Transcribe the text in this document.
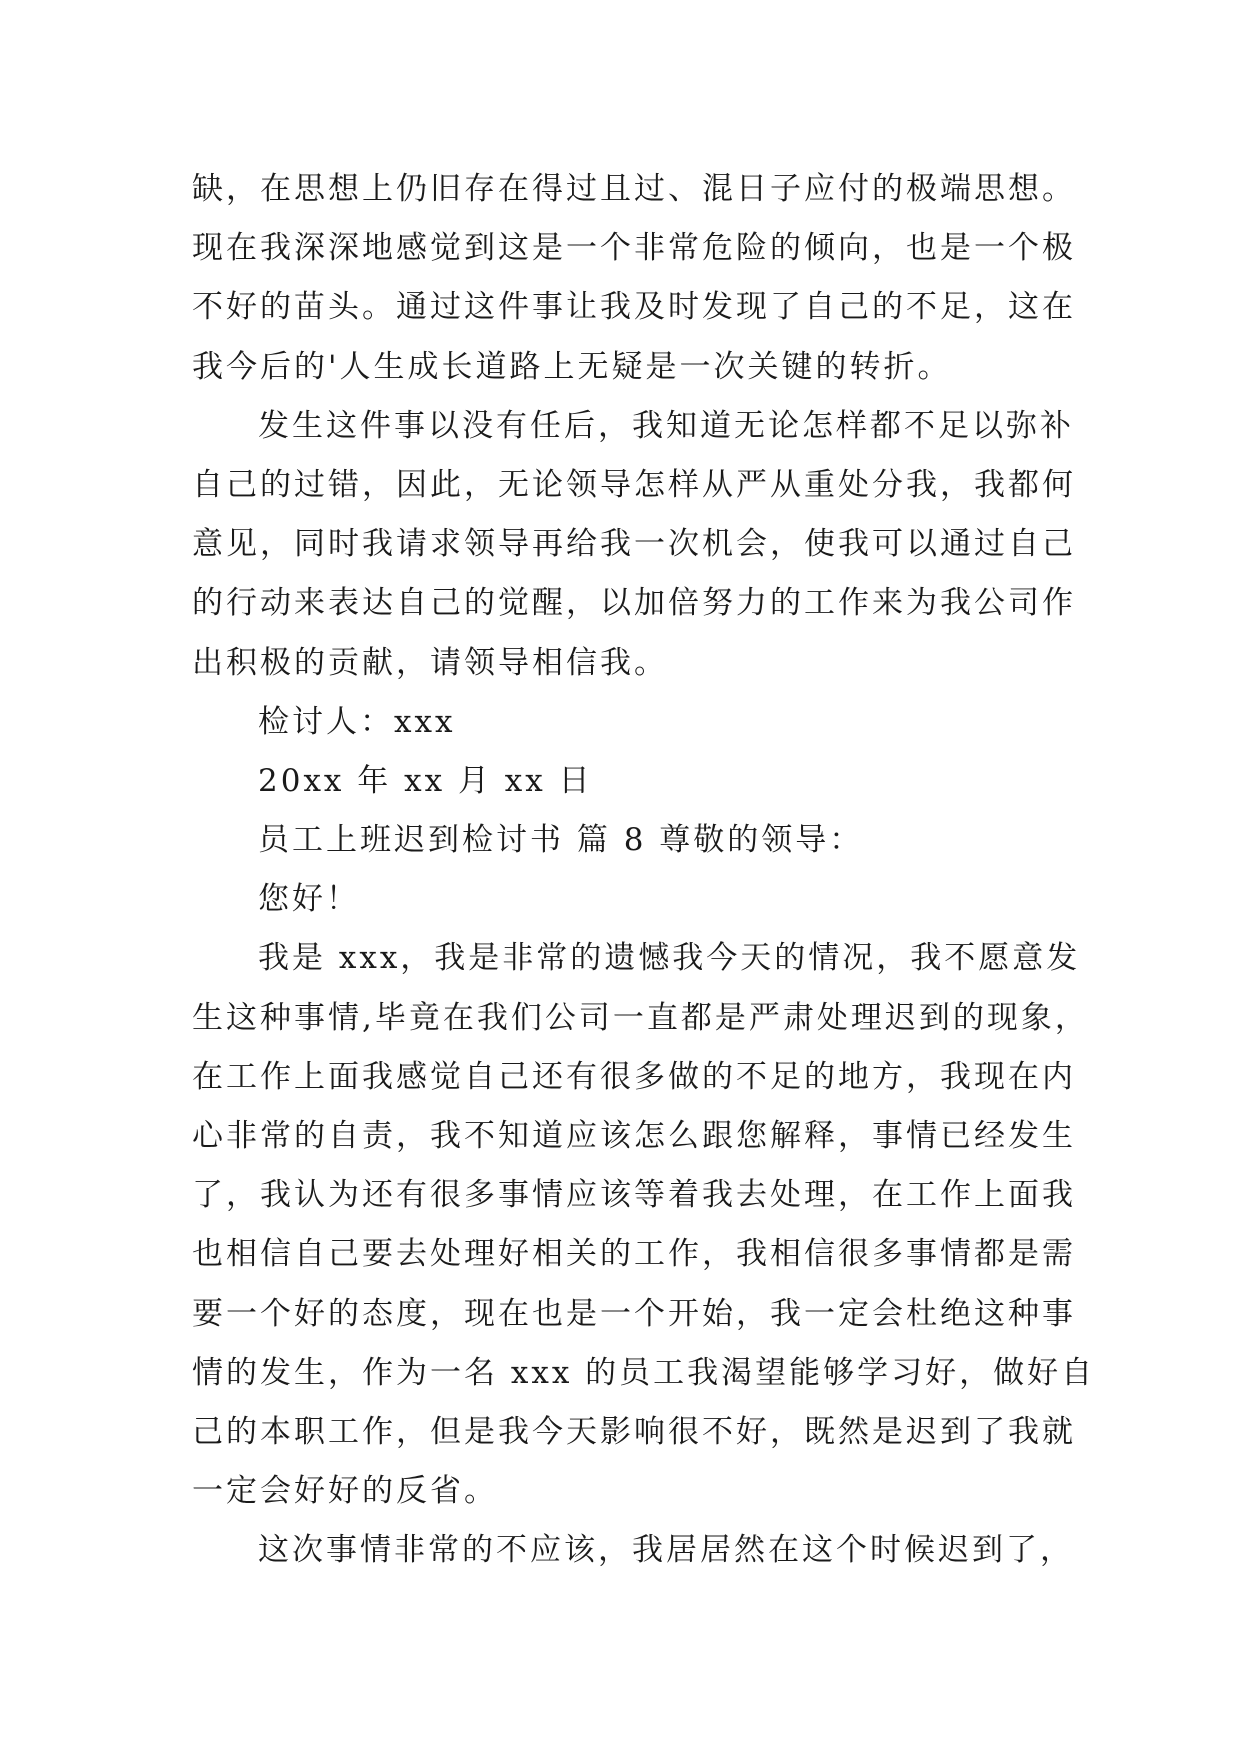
缺，在思想上仍旧存在得过且过、混日子应付的极端思想。
现在我深深地感觉到这是一个非常危险的倾向，也是一个极
不好的苗头。通过这件事让我及时发现了自己的不足，这在
我今后的'人生成长道路上无疑是一次关键的转折。
发生这件事以没有任后，我知道无论怎样都不足以弥补
自己的过错，因此，无论领导怎样从严从重处分我，我都何
意见，同时我请求领导再给我一次机会，使我可以通过自己
的行动来表达自己的觉醒，以加倍努力的工作来为我公司作
出积极的贡献，请领导相信我。
检讨人：xxx
20xx 年 xx 月 xx 日
员工上班迟到检讨书 篇 8 尊敬的领导：
您好！
我是 xxx，我是非常的遗憾我今天的情况，我不愿意发
生这种事情,毕竟在我们公司一直都是严肃处理迟到的现象，
在工作上面我感觉自己还有很多做的不足的地方，我现在内
心非常的自责，我不知道应该怎么跟您解释，事情已经发生
了，我认为还有很多事情应该等着我去处理，在工作上面我
也相信自己要去处理好相关的工作，我相信很多事情都是需
要一个好的态度，现在也是一个开始，我一定会杜绝这种事
情的发生，作为一名 xxx 的员工我渴望能够学习好，做好自
己的本职工作，但是我今天影响很不好，既然是迟到了我就
一定会好好的反省。
这次事情非常的不应该，我居居然在这个时候迟到了，
